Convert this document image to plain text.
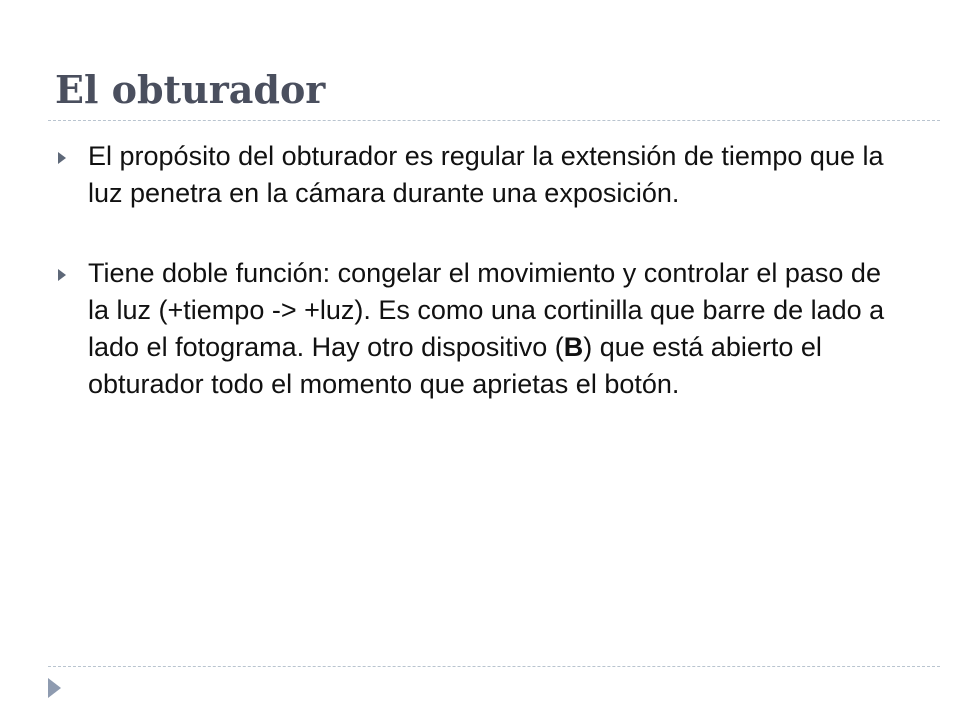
El obturador
El propósito del obturador es regular la extensión de tiempo que la luz penetra en la cámara durante una exposición.
Tiene doble función: congelar el movimiento y controlar el paso de la luz (+tiempo -> +luz). Es como una cortinilla que barre de lado a lado el fotograma. Hay otro dispositivo (B) que está abierto el obturador todo el momento que aprietas el botón.
